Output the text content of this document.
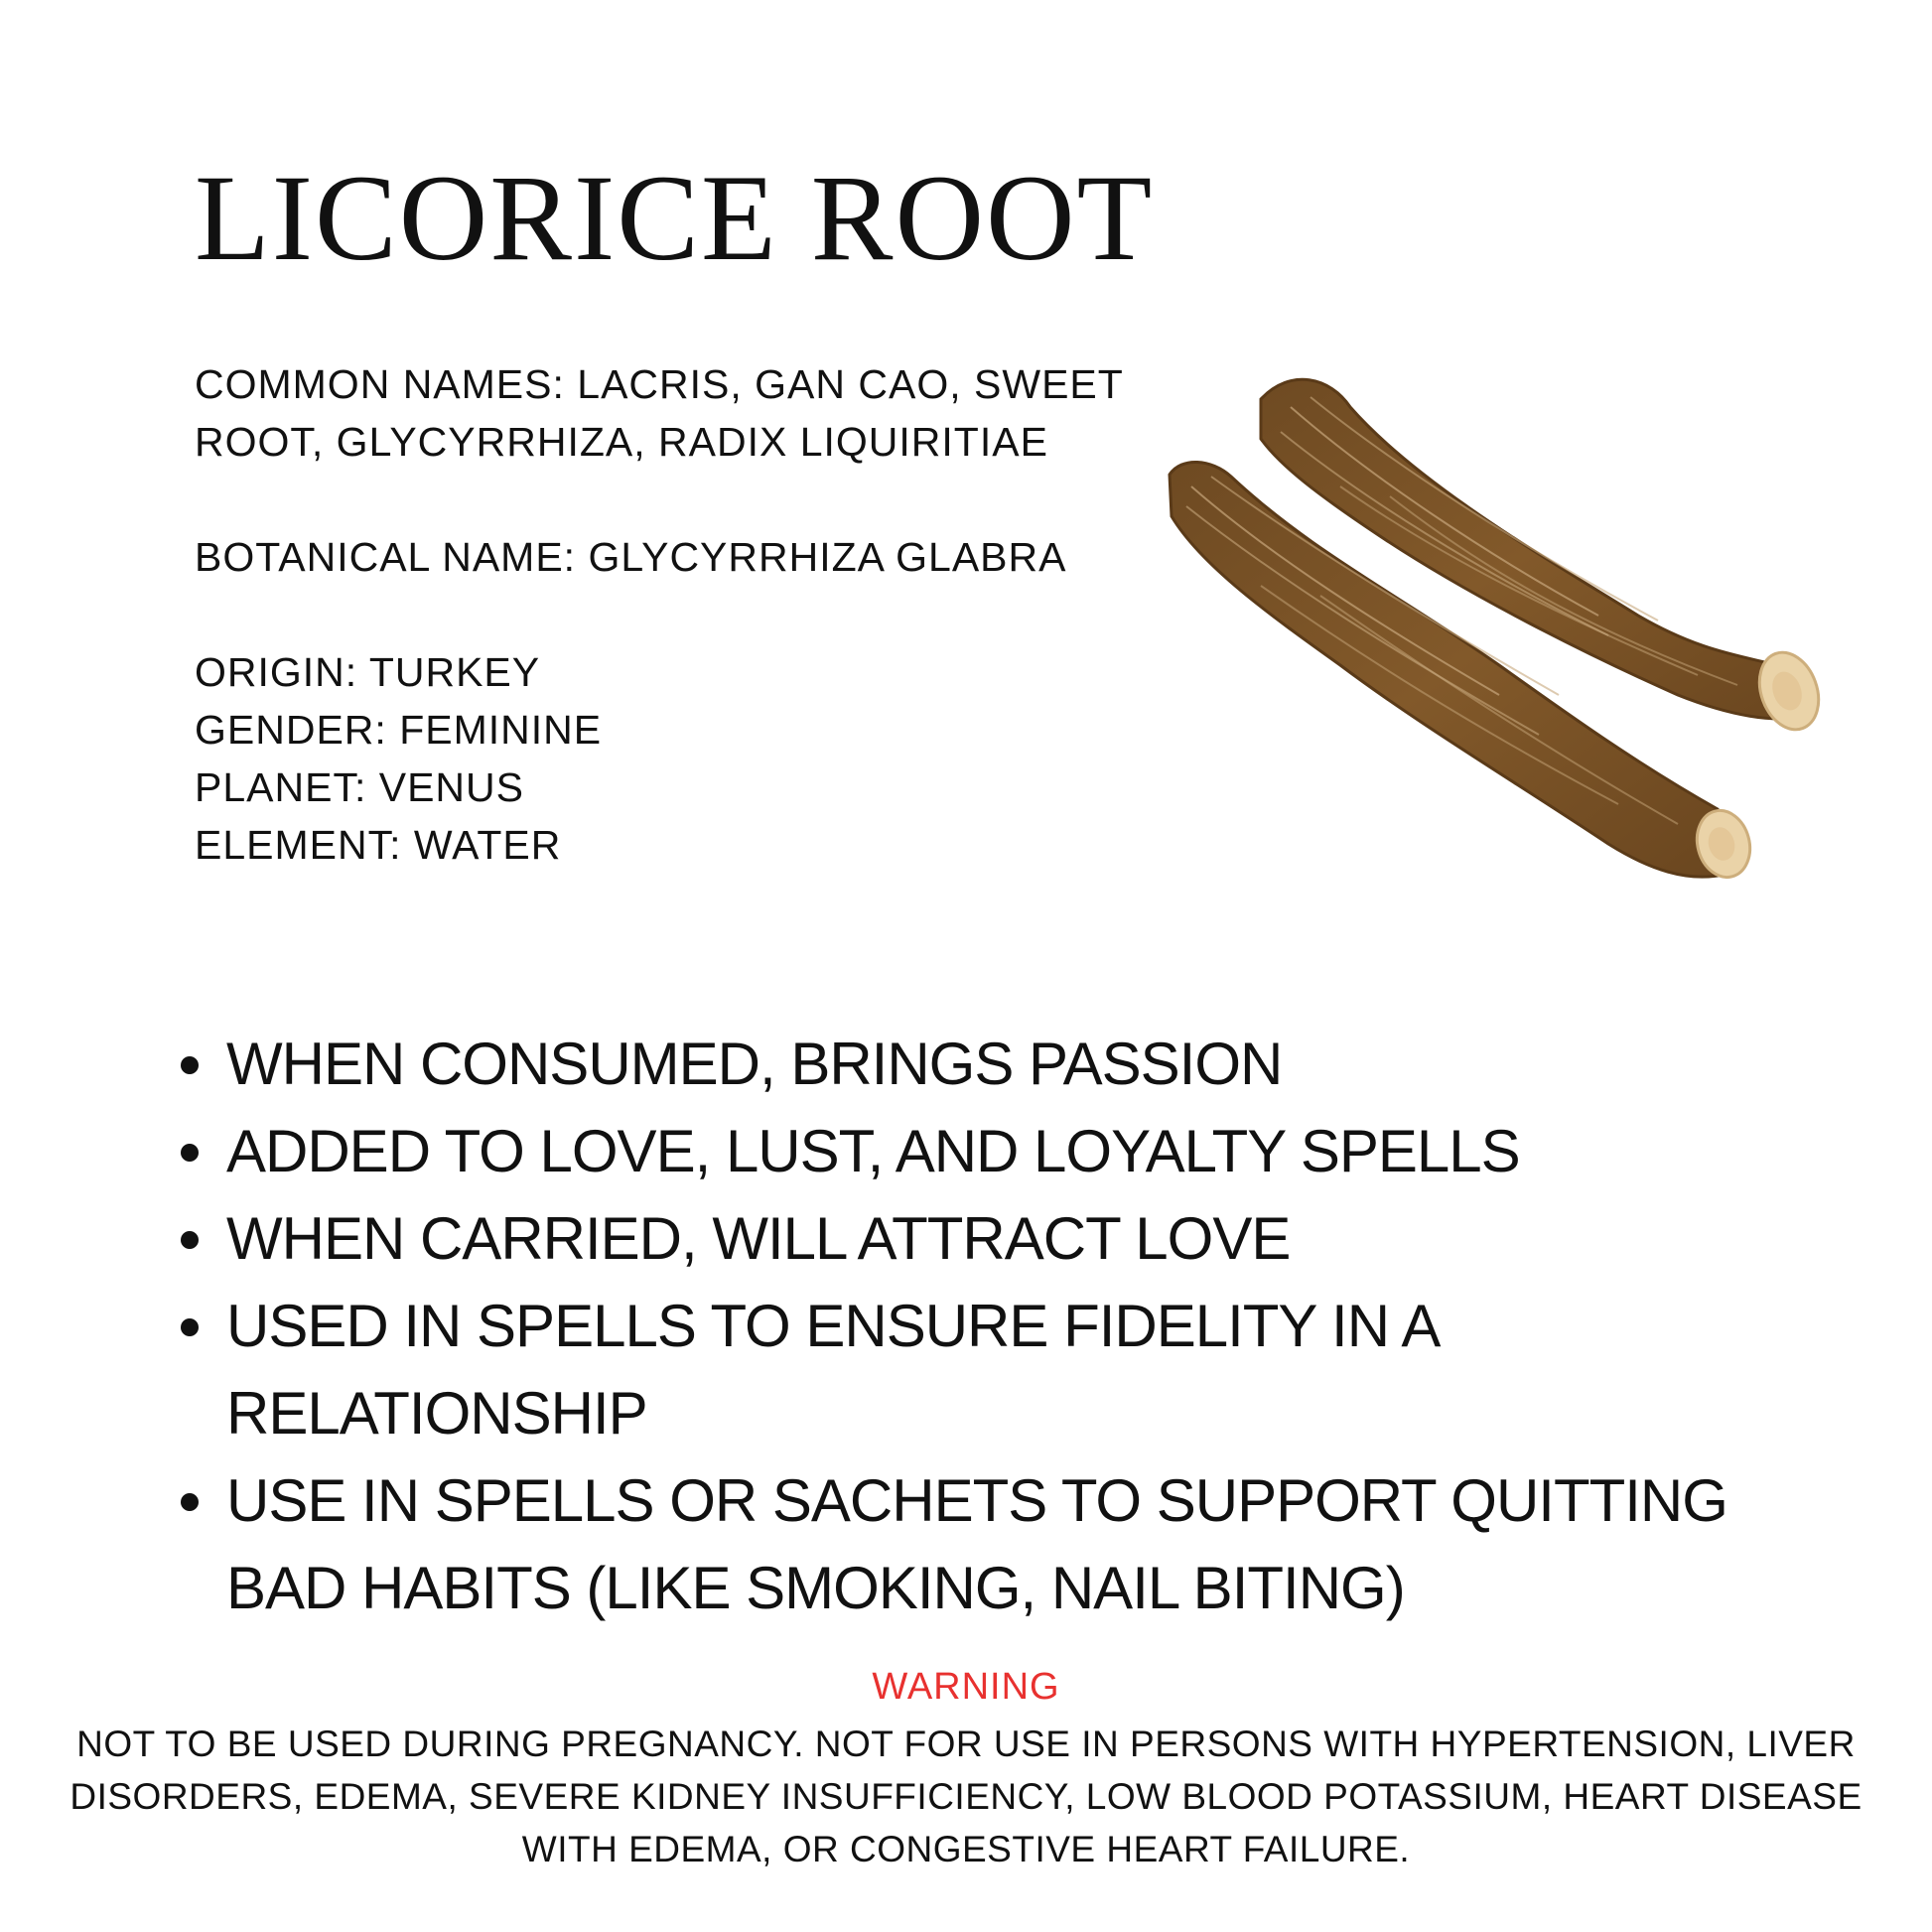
LICORICE ROOT

COMMON NAMES: LACRIS, GAN CAO, SWEET ROOT, GLYCYRRHIZA, RADIX LIQUIRITIAE

BOTANICAL NAME: GLYCYRRHIZA GLABRA

ORIGIN: TURKEY

GENDER: FEMININE

PLANET: VENUS

ELEMENT: WATER

WHEN CONSUMED, BRINGS PASSION
ADDED TO LOVE, LUST, AND LOYALTY SPELLS
WHEN CARRIED, WILL ATTRACT LOVE
USED IN SPELLS TO ENSURE FIDELITY IN A RELATIONSHIP
USE IN SPELLS OR SACHETS TO SUPPORT QUITTING BAD HABITS (LIKE SMOKING, NAIL BITING)
WARNING

NOT TO BE USED DURING PREGNANCY. NOT FOR USE IN PERSONS WITH HYPERTENSION, LIVER DISORDERS, EDEMA, SEVERE KIDNEY INSUFFICIENCY, LOW BLOOD POTASSIUM, HEART DISEASE WITH EDEMA, OR CONGESTIVE HEART FAILURE.
